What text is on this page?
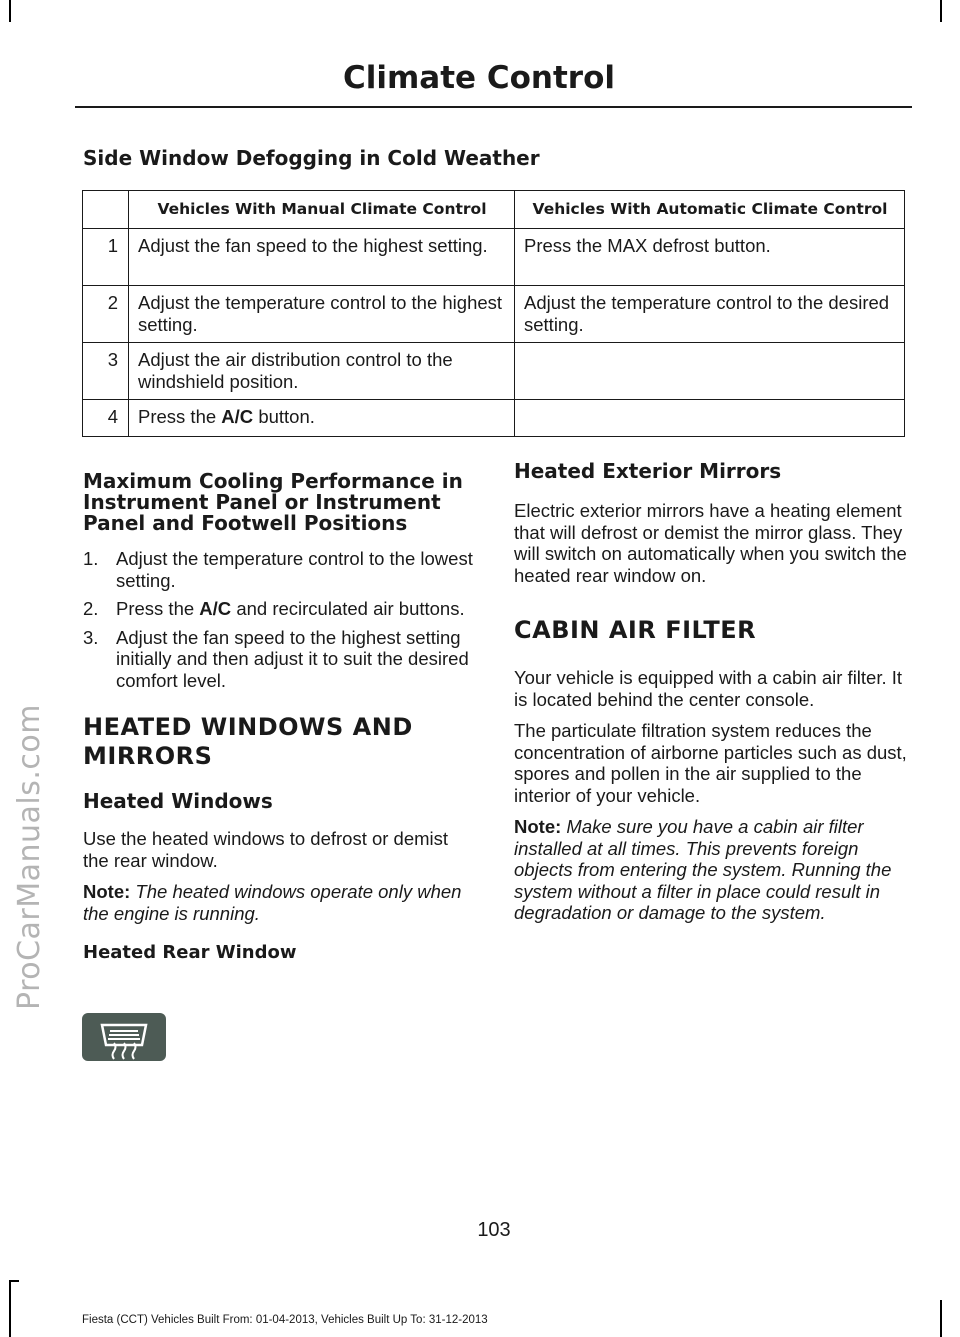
ProCarManuals.com
Climate Control
Side Window Defogging in Cold Weather
	Vehicles With Manual Climate Control	Vehicles With Automatic Climate Control
1	Adjust the fan speed to the highest setting.	Press the MAX defrost button.
2	Adjust the temperature control to the highest setting.	Adjust the temperature control to the desired setting.
3	Adjust the air distribution control to the windshield position.	
4	Press the A/C button.	
Maximum Cooling Performance in Instrument Panel or Instrument Panel and Footwell Positions
1. Adjust the temperature control to the lowest setting.
2. Press the A/C and recirculated air buttons.
3. Adjust the fan speed to the highest setting initially and then adjust it to suit the desired comfort level.
HEATED WINDOWS AND
MIRRORS
Heated Windows

Use the heated windows to defrost or demist the rear window.

Note: The heated windows operate only when the engine is running.

Heated Rear Window
Heated Exterior Mirrors

Electric exterior mirrors have a heating element that will defrost or demist the mirror glass. They will switch on automatically when you switch the heated rear window on.

CABIN AIR FILTER

Your vehicle is equipped with a cabin air filter. It is located behind the center console.

The particulate filtration system reduces the concentration of airborne particles such as dust, spores and pollen in the air supplied to the interior of your vehicle.

Note: Make sure you have a cabin air filter installed at all times. This prevents foreign objects from entering the system. Running the system without a filter in place could result in degradation or damage to the system.

103
Fiesta (CCT) Vehicles Built From: 01-04-2013, Vehicles Built Up To: 31-12-2013
